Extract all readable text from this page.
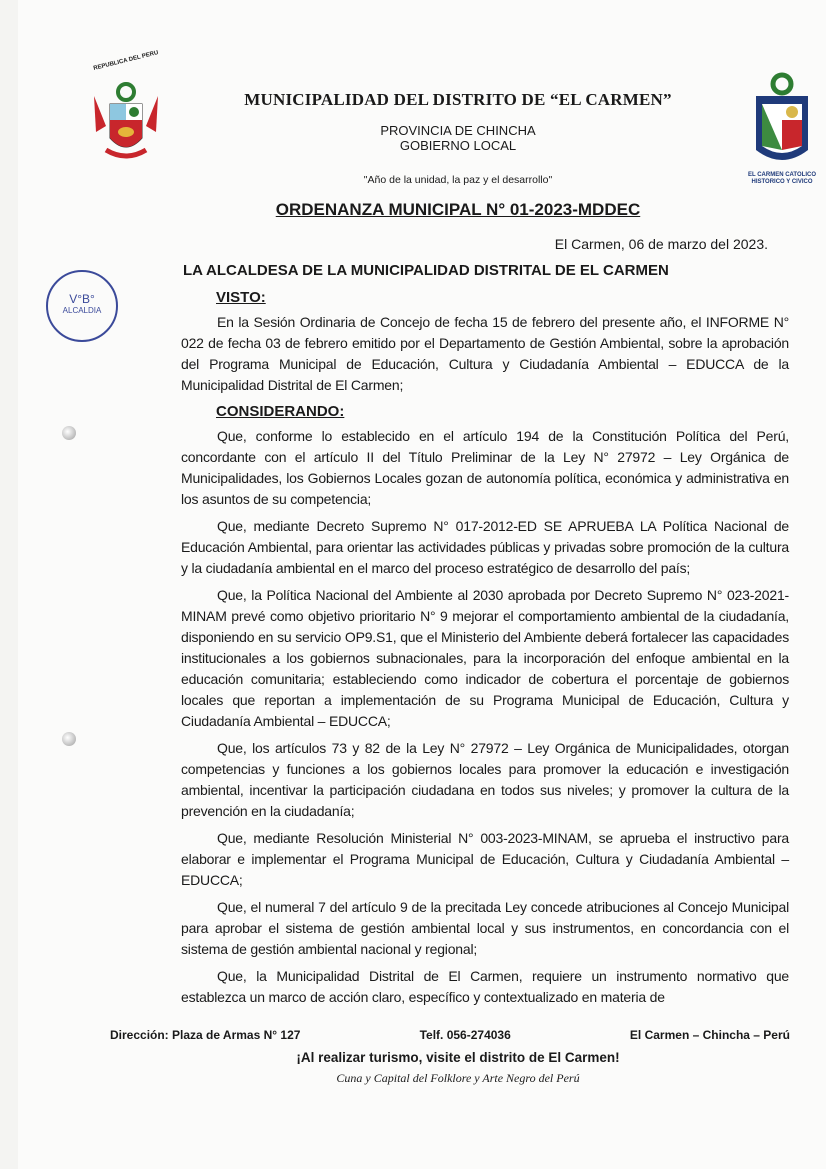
REPUBLICA DEL PERU
EL CARMEN CATOLICO HISTORICO Y CIVICO
MUNICIPALIDAD DEL DISTRITO DE “EL CARMEN”
PROVINCIA DE CHINCHA
GOBIERNO LOCAL
"Año de la unidad, la paz y el desarrollo"
ORDENANZA MUNICIPAL N° 01-2023-MDDEC
El Carmen, 06 de marzo del 2023.
LA ALCALDESA DE LA MUNICIPALIDAD DISTRITAL DE EL CARMEN
V°B°
ALCALDIA
VISTO:
En la Sesión Ordinaria de Concejo de fecha 15 de febrero del presente año, el INFORME N° 022 de fecha 03 de febrero emitido por el Departamento de Gestión Ambiental, sobre la aprobación del Programa Municipal de Educación, Cultura y Ciudadanía Ambiental – EDUCCA de la Municipalidad Distrital de El Carmen;
CONSIDERANDO:
Que, conforme lo establecido en el artículo 194 de la Constitución Política del Perú, concordante con el artículo II del Título Preliminar de la Ley N° 27972 – Ley Orgánica de Municipalidades, los Gobiernos Locales gozan de autonomía política, económica y administrativa en los asuntos de su competencia;
Que, mediante Decreto Supremo N° 017-2012-ED SE APRUEBA LA Política Nacional de Educación Ambiental, para orientar las actividades públicas y privadas sobre promoción de la cultura y la ciudadanía ambiental en el marco del proceso estratégico de desarrollo del país;
Que, la Política Nacional del Ambiente al 2030 aprobada por Decreto Supremo N° 023-2021-MINAM prevé como objetivo prioritario N° 9 mejorar el comportamiento ambiental de la ciudadanía, disponiendo en su servicio OP9.S1, que el Ministerio del Ambiente deberá fortalecer las capacidades institucionales a los gobiernos subnacionales, para la incorporación del enfoque ambiental en la educación comunitaria; estableciendo como indicador de cobertura el porcentaje de gobiernos locales que reportan a implementación de su Programa Municipal de Educación, Cultura y Ciudadanía Ambiental – EDUCCA;
Que, los artículos 73 y 82 de la Ley N° 27972 – Ley Orgánica de Municipalidades, otorgan competencias y funciones a los gobiernos locales para promover la educación e investigación ambiental, incentivar la participación ciudadana en todos sus niveles; y promover la cultura de la prevención en la ciudadanía;
Que, mediante Resolución Ministerial N° 003-2023-MINAM, se aprueba el instructivo para elaborar e implementar el Programa Municipal de Educación, Cultura y Ciudadanía Ambiental – EDUCCA;
Que, el numeral 7 del artículo 9 de la precitada Ley concede atribuciones al Concejo Municipal para aprobar el sistema de gestión ambiental local y sus instrumentos, en concordancia con el sistema de gestión ambiental nacional y regional;
Que, la Municipalidad Distrital de El Carmen, requiere un instrumento normativo que establezca un marco de acción claro, específico y contextualizado en materia de
Dirección: Plaza de Armas N° 127	Telf. 056-274036	El Carmen – Chincha – Perú
¡Al realizar turismo, visite el distrito de El Carmen!
Cuna y Capital del Folklore y Arte Negro del Perú
